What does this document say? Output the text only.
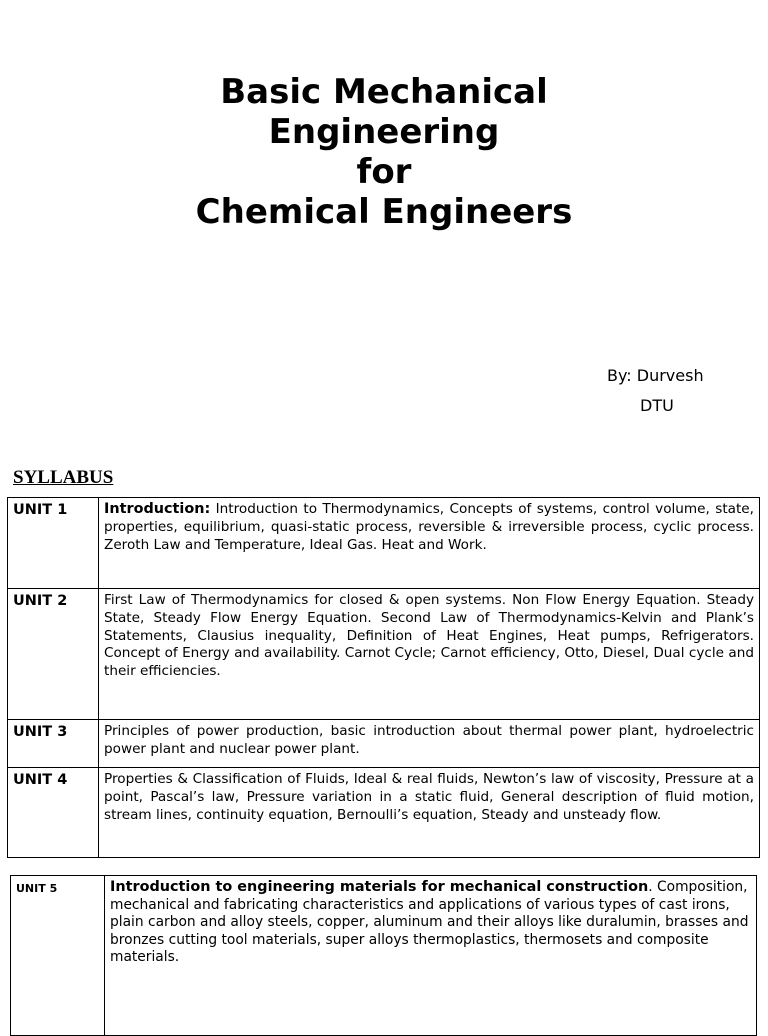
Basic Mechanical
Engineering
for
Chemical Engineers
By: Durvesh
DTU
SYLLABUS
UNIT 1	Introduction: Introduction to Thermodynamics, Concepts of systems, control volume, state, properties, equilibrium, quasi-static process, reversible & irreversible process, cyclic process. Zeroth Law and Temperature, Ideal Gas. Heat and Work.
UNIT 2	First Law of Thermodynamics for closed & open systems. Non Flow Energy Equation. Steady State, Steady Flow Energy Equation. Second Law of Thermodynamics-Kelvin and Plank’s Statements, Clausius inequality, Definition of Heat Engines, Heat pumps, Refrigerators. Concept of Energy and availability. Carnot Cycle; Carnot efficiency, Otto, Diesel, Dual cycle and their efficiencies.
UNIT 3	Principles of power production, basic introduction about thermal power plant, hydroelectric power plant and nuclear power plant.
UNIT 4	Properties & Classification of Fluids, Ideal & real fluids, Newton’s law of viscosity, Pressure at a point, Pascal’s law, Pressure variation in a static fluid, General description of fluid motion, stream lines, continuity equation, Bernoulli’s equation, Steady and unsteady flow.
UNIT 5	Introduction to engineering materials for mechanical construction. Composition, mechanical and fabricating characteristics and applications of various types of cast irons, plain carbon and alloy steels, copper, aluminum and their alloys like duralumin, brasses and bronzes cutting tool materials, super alloys thermoplastics, thermosets and composite materials.
